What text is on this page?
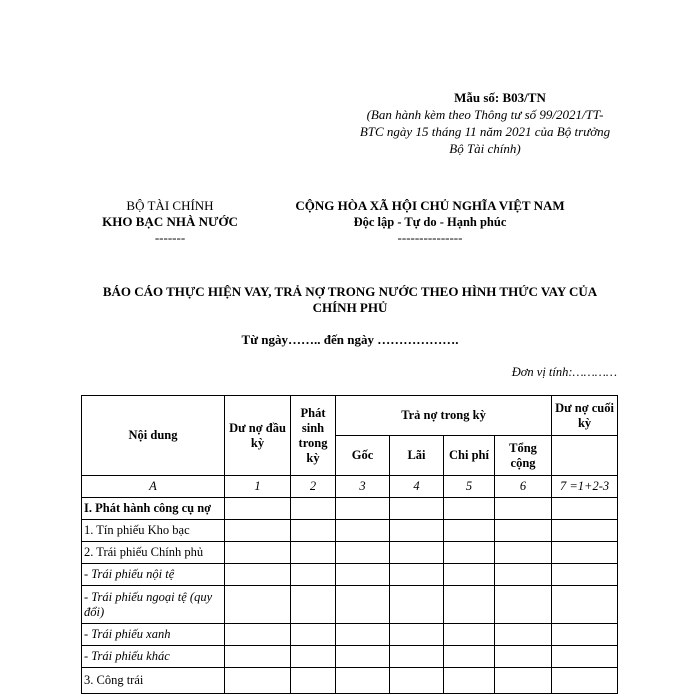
Mẫu số: B03/TN
(Ban hành kèm theo Thông tư số 99/2021/TT-
BTC ngày 15 tháng 11 năm 2021 của Bộ trưởng
Bộ Tài chính)
BỘ TÀI CHÍNH
KHO BẠC NHÀ NƯỚC
-------
CỘNG HÒA XÃ HỘI CHỦ NGHĨA VIỆT NAM
Độc lập - Tự do - Hạnh phúc
---------------
BÁO CÁO THỰC HIỆN VAY, TRẢ NỢ TRONG NƯỚC THEO HÌNH THỨC VAY CỦA
CHÍNH PHỦ
Từ ngày…….. đến ngày ……………….
Đơn vị tính:…………
Nội dung	Dư nợ đầu kỳ	Phát sinh trong kỳ	Trả nợ trong kỳ				Dư nợ cuối kỳ
			Gốc	Lãi	Chi phí	Tổng cộng	
A	1	2	3	4	5	6	7 =1+2-3
I. Phát hành công cụ nợ							
1. Tín phiếu Kho bạc							
2. Trái phiếu Chính phủ							
- Trái phiếu nội tệ							
- Trái phiếu ngoại tệ (quy đổi)							
- Trái phiếu xanh							
- Trái phiếu khác							
3. Công trái							
